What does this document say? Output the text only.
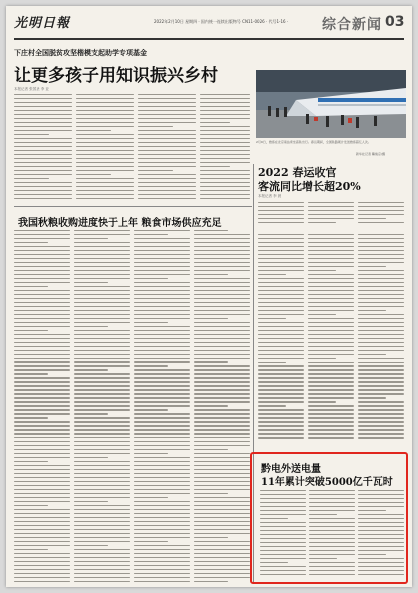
光明日報	2022年2月10日 星期四 · 国内统一连续出版物号 CN11-0026 · 代号1-16 · 综合新闻 03
下庄村全国脱贫攻坚楷模支起助学专项基金
让更多孩子用知识振兴乡村
本报记者 张国圣 李 亚
2月9日，旅客在北京南站乘坐高铁出行。春运期间，全国铁路累计发送旅客超亿人次。
新华社记者 鞠焕宗/摄
2022 春运收官
客流同比增长超20%
本报记者 李 晨
我国秋粮收购进度快于上年 粮食市场供应充足
黔电外送电量
11年累计突破5000亿千瓦时
